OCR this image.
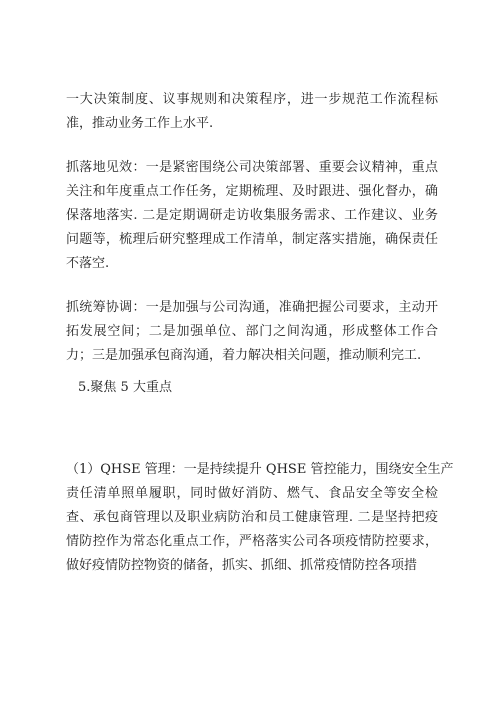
一大决策制度、议事规则和决策程序，进一步规范工作流程标
准，推动业务工作上水平.

抓落地见效：一是紧密围绕公司决策部署、重要会议精神，重点
关注和年度重点工作任务，定期梳理、及时跟进、强化督办，确
保落地落实. 二是定期调研走访收集服务需求、工作建议、业务
问题等，梳理后研究整理成工作清单，制定落实措施，确保责任
不落空.

抓统筹协调：一是加强与公司沟通，准确把握公司要求，主动开
拓发展空间；二是加强单位、部门之间沟通，形成整体工作合
力；三是加强承包商沟通，着力解决相关问题，推动顺利完工.

5.聚焦 5 大重点

（1）QHSE 管理：一是持续提升 QHSE 管控能力，围绕安全生产
责任清单照单履职，同时做好消防、燃气、食品安全等安全检
查、承包商管理以及职业病防治和员工健康管理. 二是坚持把疫
情防控作为常态化重点工作，严格落实公司各项疫情防控要求，
做好疫情防控物资的储备，抓实、抓细、抓常疫情防控各项措
